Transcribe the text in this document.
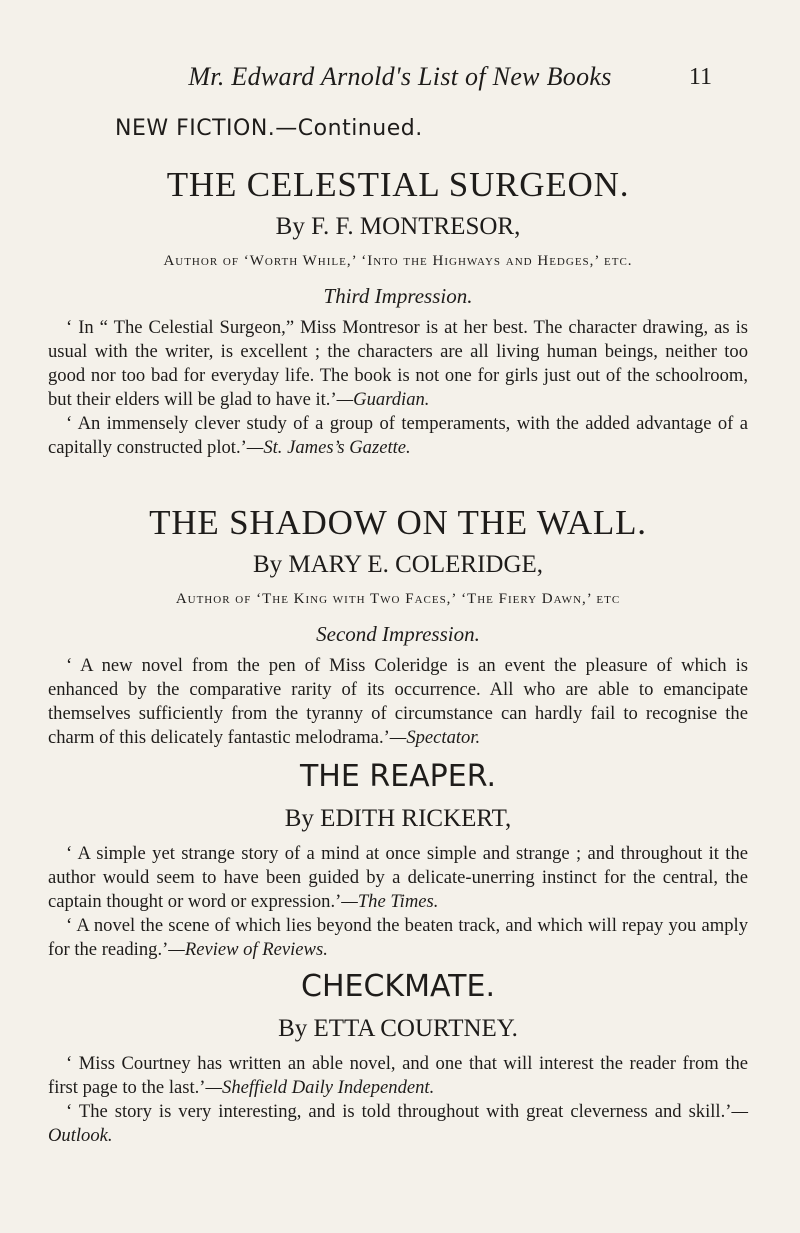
Mr. Edward Arnold's List of New Books	11
NEW FICTION.—Continued.
THE CELESTIAL SURGEON.

By F. F. MONTRESOR,

Author of ‘Worth While,’ ‘Into the Highways and Hedges,’ etc.

Third Impression.

‘ In “ The Celestial Surgeon,” Miss Montresor is at her best. The character drawing, as is usual with the writer, is excellent ; the characters are all living human beings, neither too good nor too bad for everyday life. The book is not one for girls just out of the schoolroom, but their elders will be glad to have it.’—Guardian.

‘ An immensely clever study of a group of temperaments, with the added advantage of a capitally constructed plot.’—St. James’s Gazette.

THE SHADOW ON THE WALL.

By MARY E. COLERIDGE,

Author of ‘The King with Two Faces,’ ‘The Fiery Dawn,’ etc

Second Impression.

‘ A new novel from the pen of Miss Coleridge is an event the pleasure of which is enhanced by the comparative rarity of its occurrence. All who are able to emancipate themselves sufficiently from the tyranny of circumstance can hardly fail to recognise the charm of this delicately fantastic melodrama.’—Spectator.

THE REAPER.

By EDITH RICKERT,

‘ A simple yet strange story of a mind at once simple and strange ; and throughout it the author would seem to have been guided by a delicate-unerring instinct for the central, the captain thought or word or expression.’—The Times.

‘ A novel the scene of which lies beyond the beaten track, and which will repay you amply for the reading.’—Review of Reviews.

CHECKMATE.

By ETTA COURTNEY.

‘ Miss Courtney has written an able novel, and one that will interest the reader from the first page to the last.’—Sheffield Daily Independent.

‘ The story is very interesting, and is told throughout with great cleverness and skill.’—Outlook.
